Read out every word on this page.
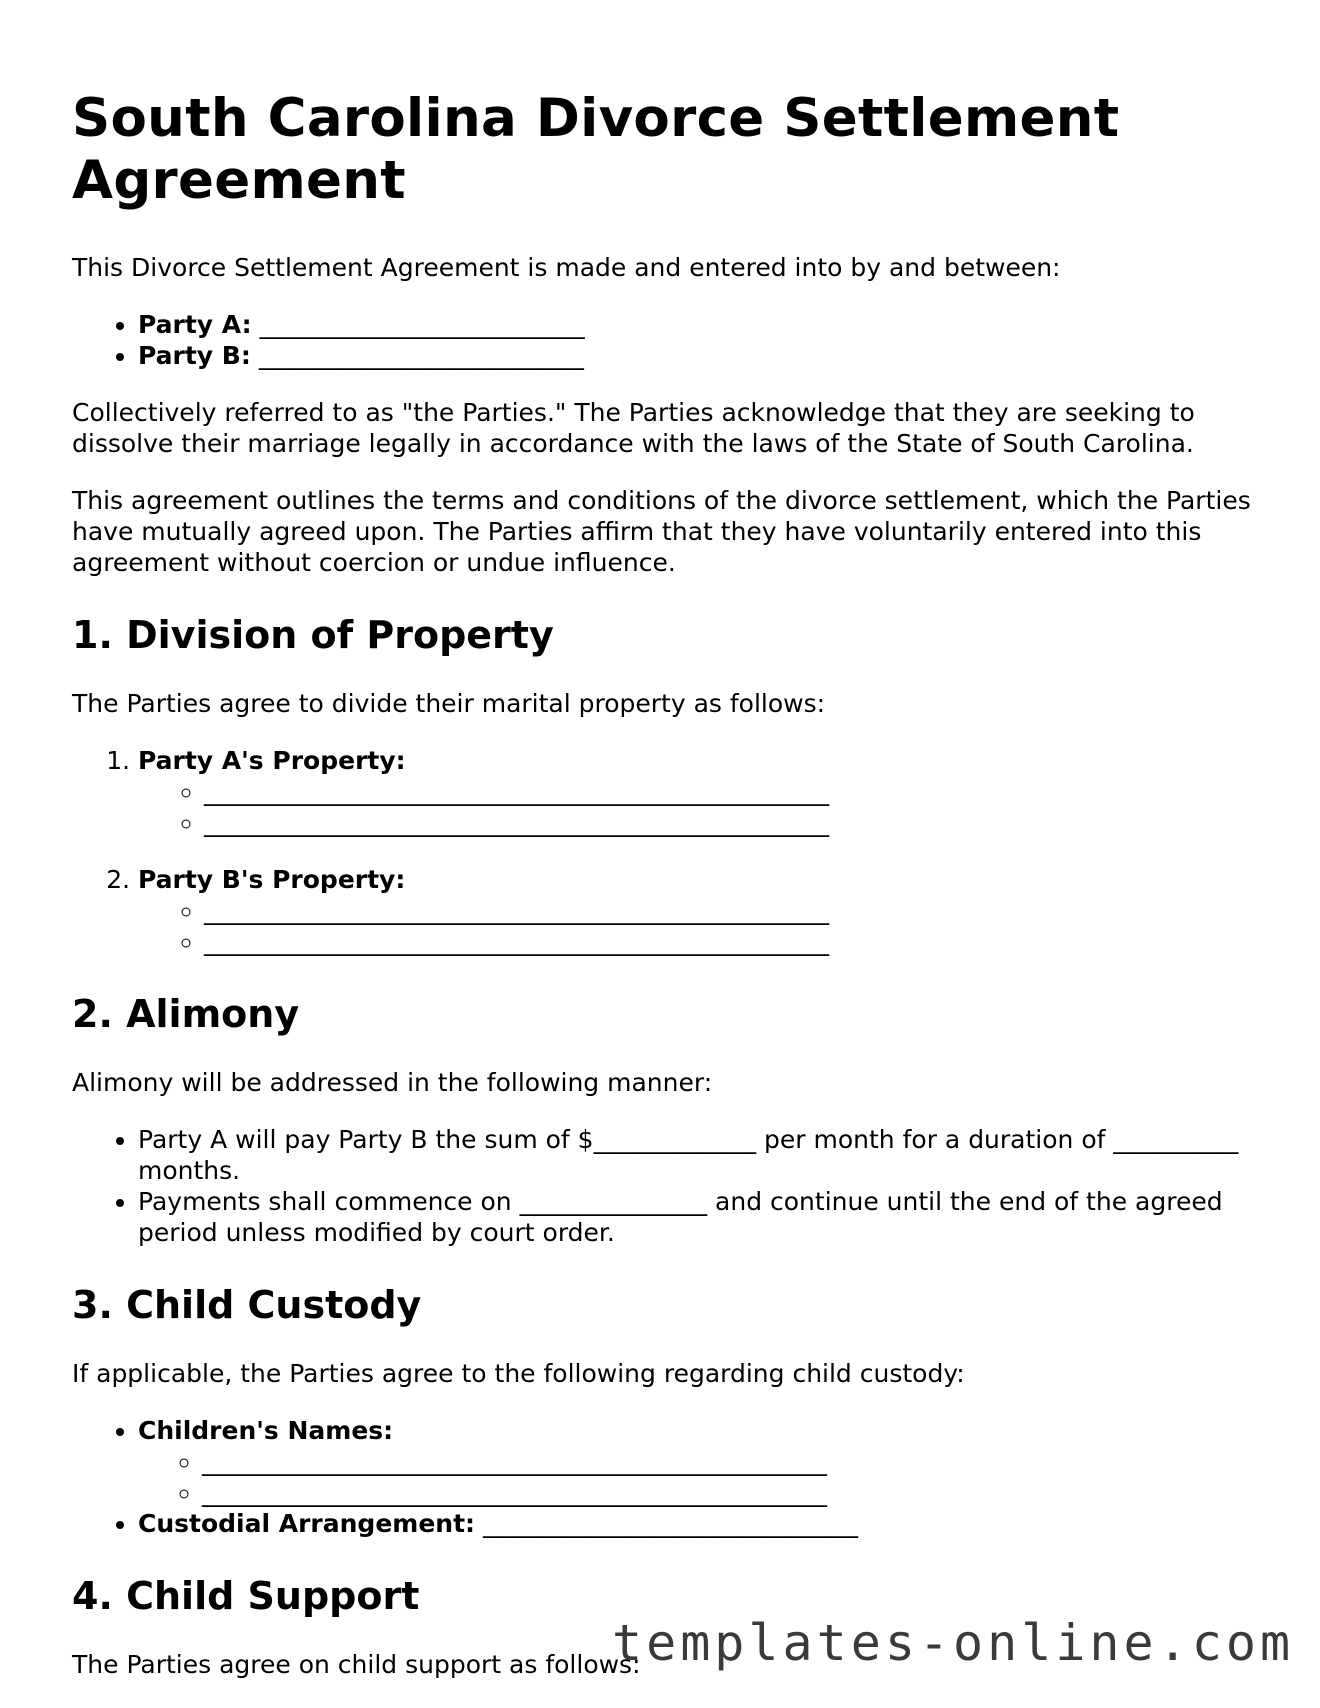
South Carolina Divorce Settlement Agreement

This Divorce Settlement Agreement is made and entered into by and between:

• Party A: __________________________
• Party B: __________________________

Collectively referred to as "the Parties." The Parties acknowledge that they are seeking to dissolve their marriage legally in accordance with the laws of the State of South Carolina.

This agreement outlines the terms and conditions of the divorce settlement, which the Parties have mutually agreed upon. The Parties affirm that they have voluntarily entered into this agreement without coercion or undue influence.

1. Division of Property

The Parties agree to divide their marital property as follows:

1. Party A's Property:
◦ __________________________________________________
◦ __________________________________________________
2. Party B's Property:
◦ __________________________________________________
◦ __________________________________________________
2. Alimony

Alimony will be addressed in the following manner:

• Party A will pay Party B the sum of $_____________ per month for a duration of __________ months.
• Payments shall commence on _______________ and continue until the end of the agreed period unless modified by court order.
3. Child Custody

If applicable, the Parties agree to the following regarding child custody:

• Children's Names:
◦ __________________________________________________
◦ __________________________________________________
• Custodial Arrangement: ______________________________
4. Child Support

The Parties agree on child support as follows:

templates-online.com
